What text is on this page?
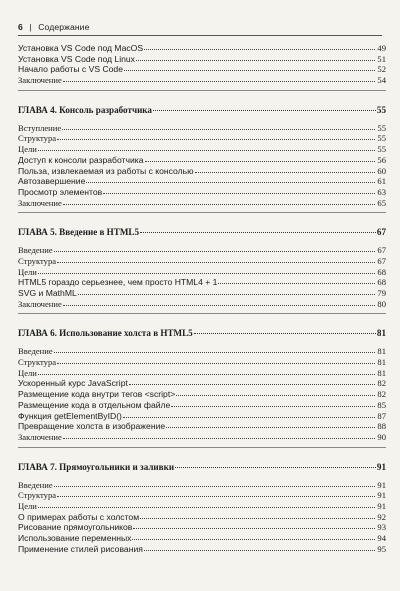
6 | Содержание
Установка VS Code под MacOS	49
Установка VS Code под Linux	51
Начало работы с VS Code	52
Заключение	54
ГЛАВА 4. Консоль разработчика	55
Вступление	55
Структура	55
Цели	55
Доступ к консоли разработчика	56
Польза, извлекаемая из работы с консолью	60
Автозавершение	61
Просмотр элементов	63
Заключение	65
ГЛАВА 5. Введение в HTML5	67
Введение	67
Структура	67
Цели	68
HTML5 гораздо серьезнее, чем просто HTML4 + 1	68
SVG и MathML	79
Заключение	80
ГЛАВА 6. Использование холста в HTML5	81
Введение	81
Структура	81
Цели	81
Ускоренный курс JavaScript	82
Размещение кода внутри тегов <script>	82
Размещение кода в отдельном файле	85
Функция getElementByID()	87
Превращение холста в изображение	88
Заключение	90
ГЛАВА 7. Прямоугольники и заливки	91
Введение	91
Структура	91
Цели	91
О примерах работы с холстом	92
Рисование прямоугольников	93
Использование переменных	94
Применение стилей рисования	95
